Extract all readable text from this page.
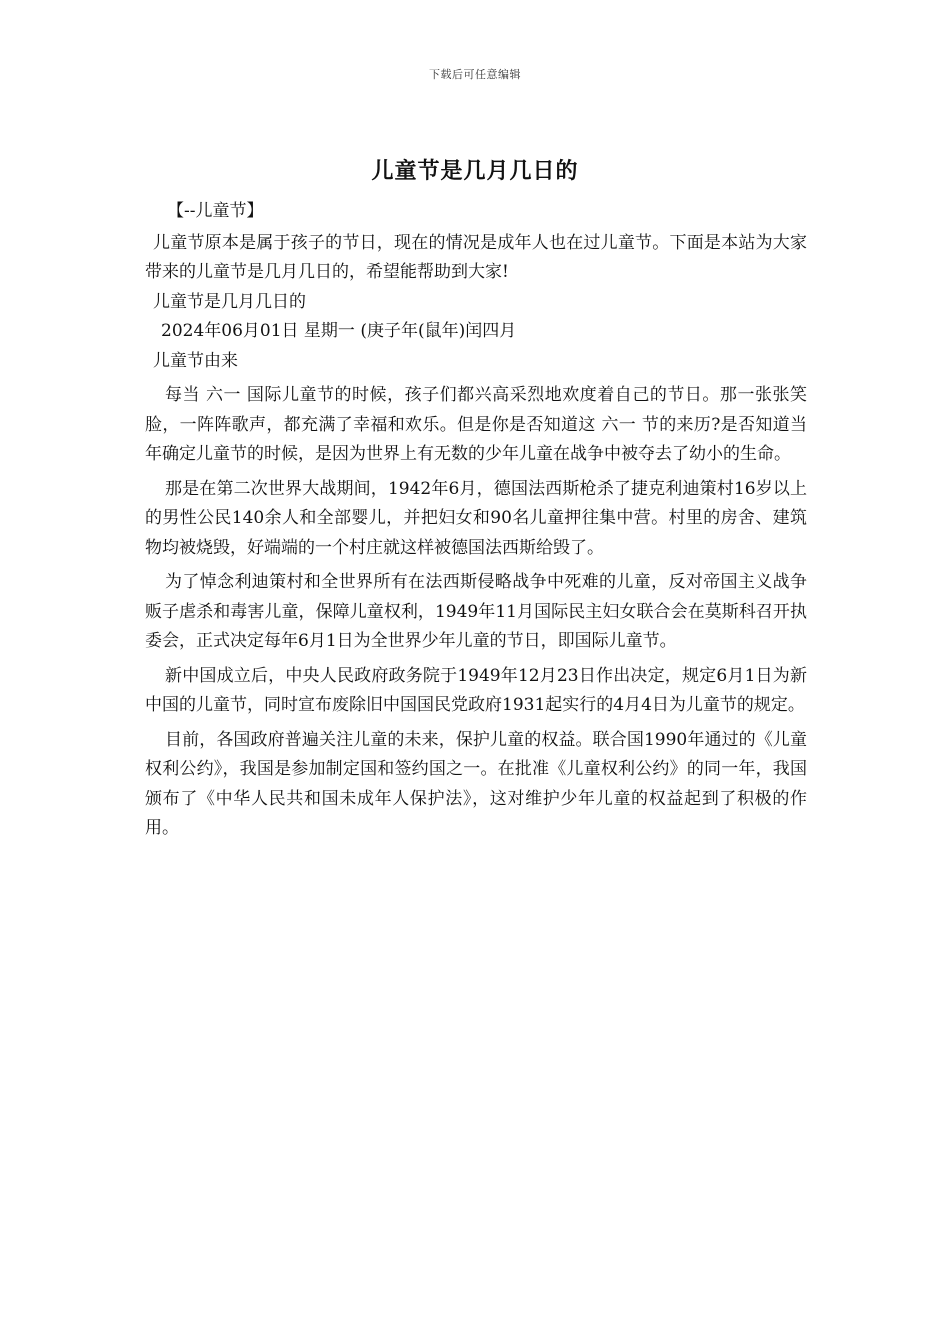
下载后可任意编辑
儿童节是几月几日的

【--儿童节】

儿童节原本是属于孩子的节日，现在的情况是成年人也在过儿童节。下面是本站为大家带来的儿童节是几月几日的，希望能帮助到大家!

儿童节是几月几日的

2024年06月01日 星期一 (庚子年(鼠年)闰四月

儿童节由来

每当 六一 国际儿童节的时候，孩子们都兴高采烈地欢度着自己的节日。那一张张笑脸，一阵阵歌声，都充满了幸福和欢乐。但是你是否知道这 六一 节的来历?是否知道当年确定儿童节的时候，是因为世界上有无数的少年儿童在战争中被夺去了幼小的生命。

那是在第二次世界大战期间，1942年6月，德国法西斯枪杀了捷克利迪策村16岁以上的男性公民140余人和全部婴儿，并把妇女和90名儿童押往集中营。村里的房舍、建筑物均被烧毁，好端端的一个村庄就这样被德国法西斯给毁了。

为了悼念利迪策村和全世界所有在法西斯侵略战争中死难的儿童，反对帝国主义战争贩子虐杀和毒害儿童，保障儿童权利，1949年11月国际民主妇女联合会在莫斯科召开执委会，正式决定每年6月1日为全世界少年儿童的节日，即国际儿童节。

新中国成立后，中央人民政府政务院于1949年12月23日作出决定，规定6月1日为新中国的儿童节，同时宣布废除旧中国国民党政府1931起实行的4月4日为儿童节的规定。

目前，各国政府普遍关注儿童的未来，保护儿童的权益。联合国1990年通过的《儿童权利公约》，我国是参加制定国和签约国之一。在批准《儿童权利公约》的同一年，我国颁布了《中华人民共和国未成年人保护法》，这对维护少年儿童的权益起到了积极的作用。
